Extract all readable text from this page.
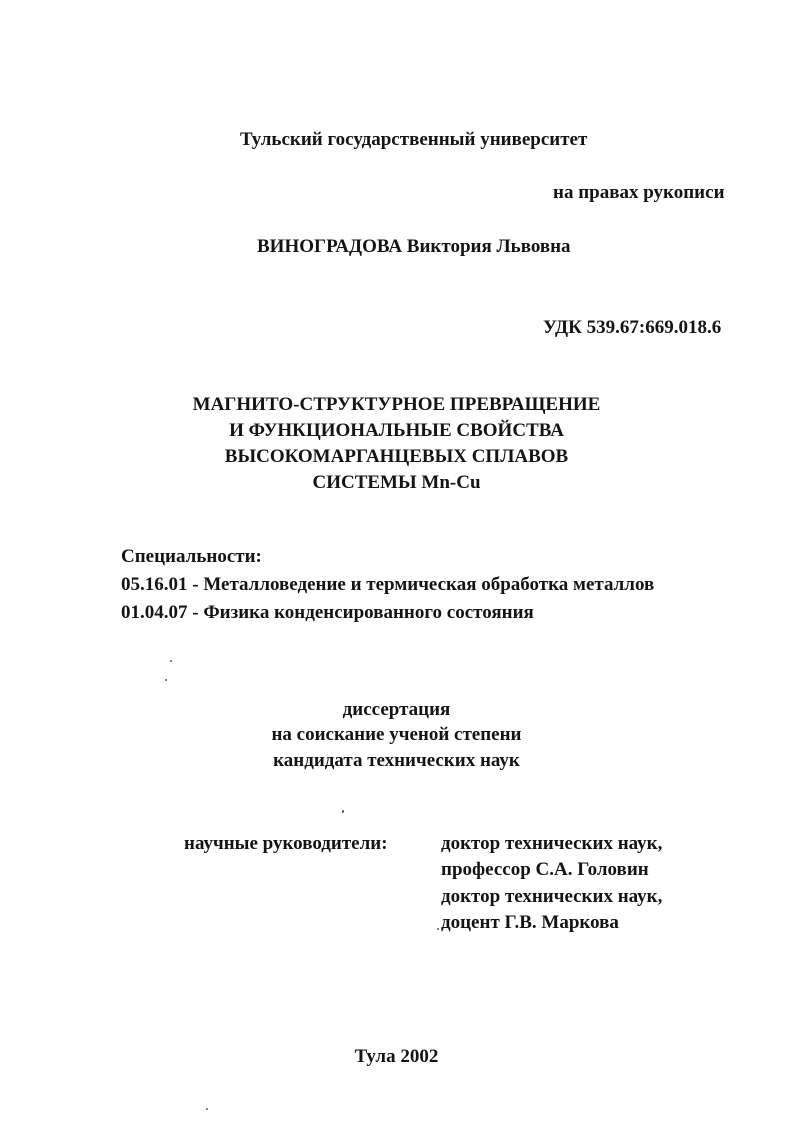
Тульский государственный университет
на правах рукописи
ВИНОГРАДОВА Виктория Львовна
УДК 539.67:669.018.6
МАГНИТО-СТРУКТУРНОЕ ПРЕВРАЩЕНИЕ
И ФУНКЦИОНАЛЬНЫЕ СВОЙСТВА
ВЫСОКОМАРГАНЦЕВЫХ СПЛАВОВ
СИСТЕМЫ Mn-Cu
Специальности:
05.16.01 - Металловедение и термическая обработка металлов
01.04.07 - Физика конденсированного состояния
диссертация
на соискание ученой степени
кандидата технических наук
научные руководители:	доктор технических наук,
профессор С.А. Головин
доктор технических наук,
доцент Г.В. Маркова
Тула 2002
